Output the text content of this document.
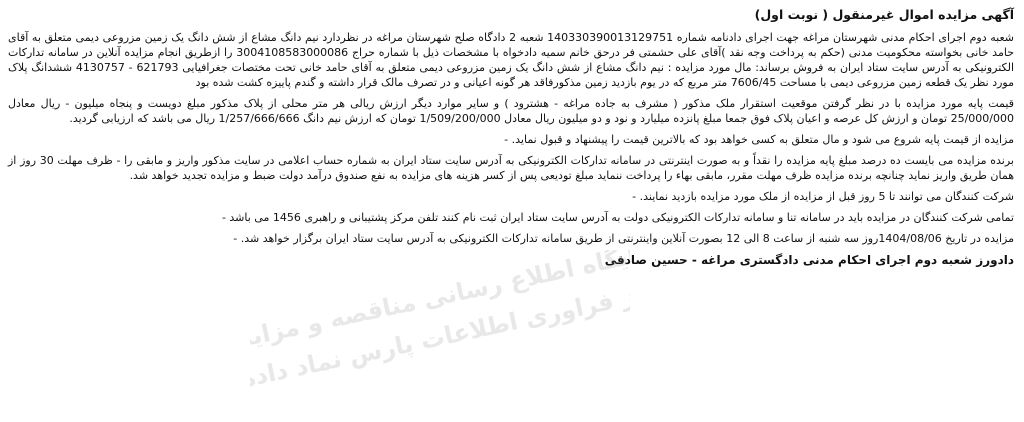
آگهی مزایده اموال غیرمنقول ( نوبت اول)
شعبه دوم اجرای احکام مدنی شهرستان مراغه جهت اجرای دادنامه شماره 140330390013129751 شعبه 2 دادگاه صلح شهرستان مراغه در نظردارد نیم دانگ مشاع از شش دانگ یک زمین مزروعی دیمی متعلق به آقای حامد خانی بخواسته محکومیت مدنی (حکم به پرداخت وجه نقد )آقای علی حشمتی فر درحق خانم سمیه دادخواه با مشخصات ذیل با شماره حراج 3004108583000086 را ازطریق انجام مزایده آنلاین در سامانه تدارکات الکترونیکی به آدرس سایت ستاد ایران به فروش برساند: مال مورد مزایده : نیم دانگ مشاع از شش دانگ یک زمین مزروعی دیمی متعلق به آقای حامد خانی تحت مختصات جغرافیایی 621793 - 4130757 ششدانگ پلاک مورد نظر یک قطعه زمین مزروعی دیمی با مساحت 7606/45 متر مربع که در یوم بازدید زمین مذکورفاقد هر گونه اعیانی و در تصرف مالک قرار داشته و گندم پاییزه کشت شده بود
قیمت پایه مورد مزایده با در نظر گرفتن موقعیت استقرار ملک مذکور ( مشرف به جاده مراغه - هشترود ) و سایر موارد دیگر ارزش ریالی هر متر محلی از پلاک مذکور مبلغ دویست و پنجاه میلیون - ریال معادل 25/000/000 تومان و ارزش کل عرصه و اعیان پلاک فوق جمعا مبلغ پانزده میلیارد و نود و دو میلیون ریال معادل 1/509/200/000 تومان که ارزش نیم دانگ 1/257/666/666 ریال می باشد که ارزیابی گردید.
مزایده از قیمت پایه شروع می شود و مال متعلق به کسی خواهد بود که بالاترین قیمت را پیشنهاد و قبول نماید. -
برنده مزایده می بایست ده درصد مبلغ پایه مزایده را نقداً و به صورت اینترنتی در سامانه تدارکات الکترونیکی به آدرس سایت ستاد ایران به شماره حساب اعلامی در سایت مذکور واریز و مابقی را - ظرف مهلت 30 روز از همان طریق واریز نماید چنانچه برنده مزایده ظرف مهلت مقرر، مابقی بهاء را پرداخت ننماید مبلغ تودیعی پس از کسر هزینه های مزایده به نفع صندوق درآمد دولت ضبط و مزایده تجدید خواهد شد.
شرکت کنندگان می توانند تا 5 روز قبل از مزایده از ملک مورد مزایده بازدید نمایند. -
تمامی شرکت کنندگان در مزایده باید در سامانه تنا و سامانه تدارکات الکترونیکی دولت به آدرس سایت ستاد ایران ثبت نام کنند تلفن مرکز پشتیبانی و راهبری 1456 می باشد -
مزایده در تاریخ 1404/08/06روز سه شنبه از ساعت 8 الی 12 بصورت آنلاین واینترنتی از طریق سامانه تدارکات الکترونیکی به آدرس سایت ستاد ایران برگزار خواهد شد. -
دادورز شعبه دوم اجرای احکام مدنی دادگستری مراغه - حسین صادقی
پایگاه اطلاع رسانی مناقصه و مزایده
مرکز فراوری اطلاعات پارس نماد داده
